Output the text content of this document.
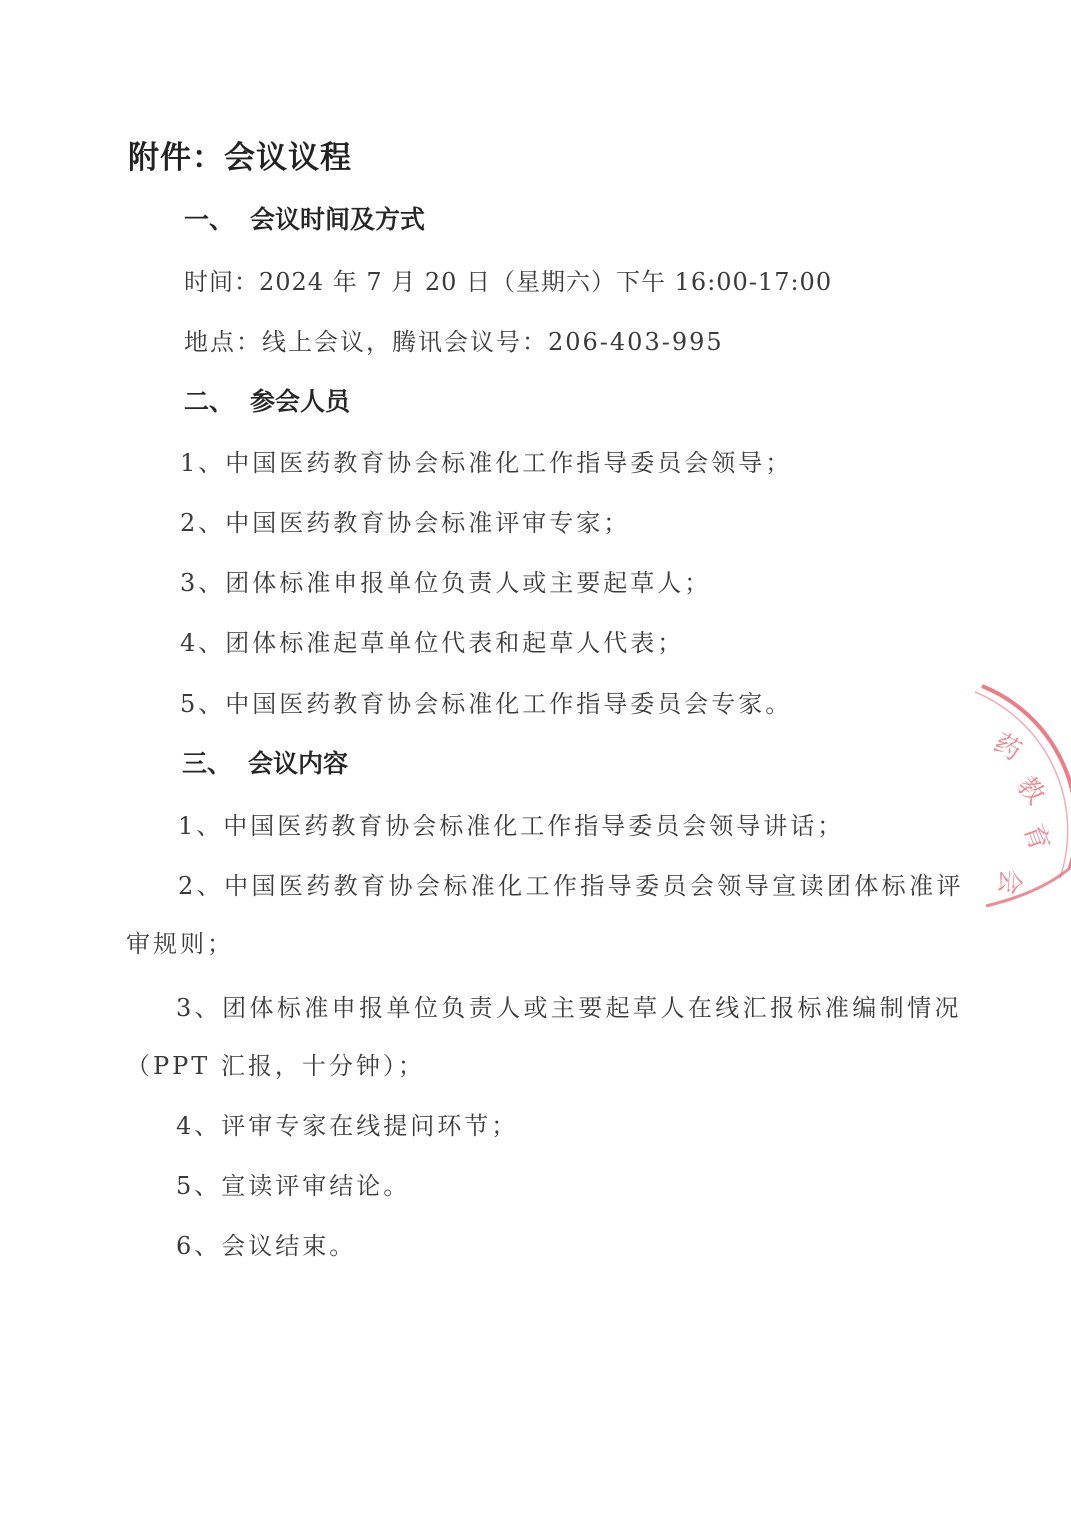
附件：会议议程
一、 会议时间及方式
时间：2024 年 7 月 20 日（星期六）下午 16:00-17:00
地点：线上会议，腾讯会议号：206-403-995
二、 参会人员
1、中国医药教育协会标准化工作指导委员会领导；
2、中国医药教育协会标准评审专家；
3、团体标准申报单位负责人或主要起草人；
4、团体标准起草单位代表和起草人代表；
5、中国医药教育协会标准化工作指导委员会专家。
三、 会议内容
1、中国医药教育协会标准化工作指导委员会领导讲话；
2、中国医药教育协会标准化工作指导委员会领导宣读团体标准评
审规则；
3、团体标准申报单位负责人或主要起草人在线汇报标准编制情况
（PPT 汇报，十分钟）；
4、评审专家在线提问环节；
5、宣读评审结论。
6、会议结束。
药
教
育
会
